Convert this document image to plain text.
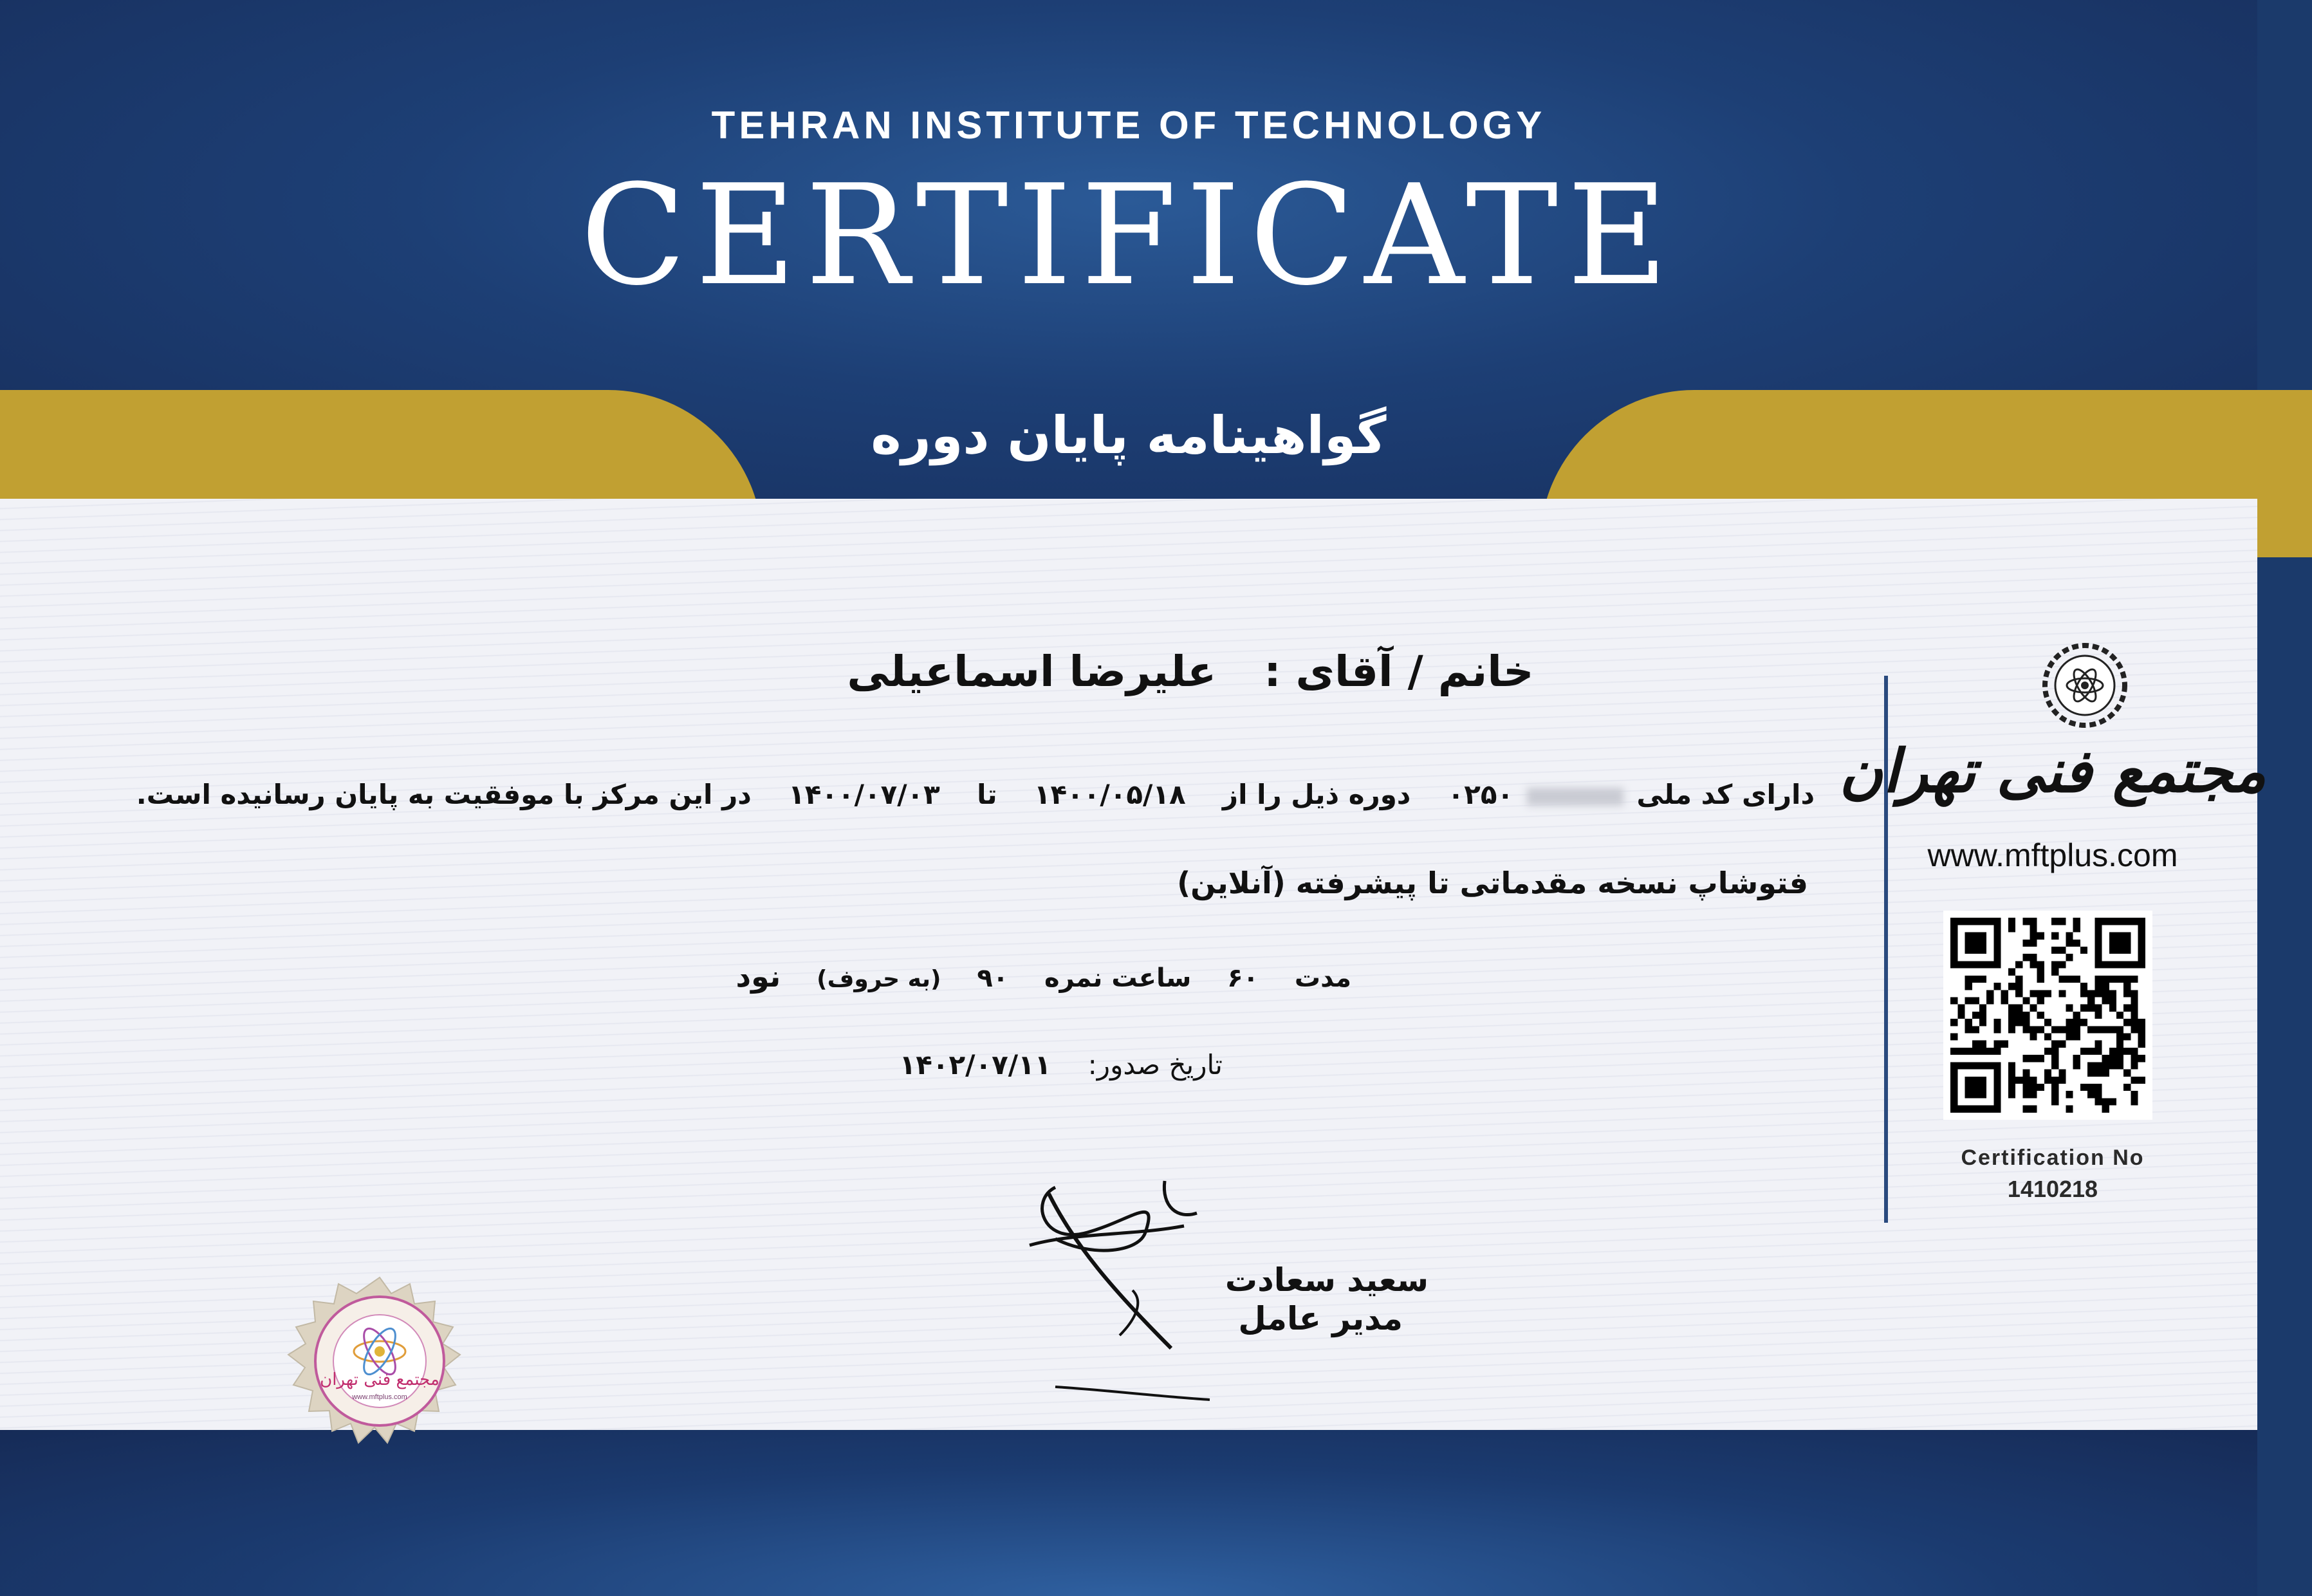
TEHRAN INSTITUTE OF TECHNOLOGY
CERTIFICATE
گواهینامه پایان دوره
خانم / آقای :  علیرضا اسماعیلی
دارای کد ملی  ۰۲۵۰  دوره ذیل را از  ۱۴۰۰/۰۵/۱۸  تا  ۱۴۰۰/۰۷/۰۳  در این مرکز با موفقیت به پایان رسانیده است.
فتوشاپ نسخه مقدماتی تا پیشرفته (آنلاین)
مدت  ۶۰  ساعت نمره  ۹۰  (به حروف)  نود
تاریخ صدور:  ۱۴۰۲/۰۷/۱۱
سعید سعادت
مدیر عامل
مجتمع فنی تهران
www.mftplus.com
مجتمع فنی تهران
www.mftplus.com
Certification No
1410218
